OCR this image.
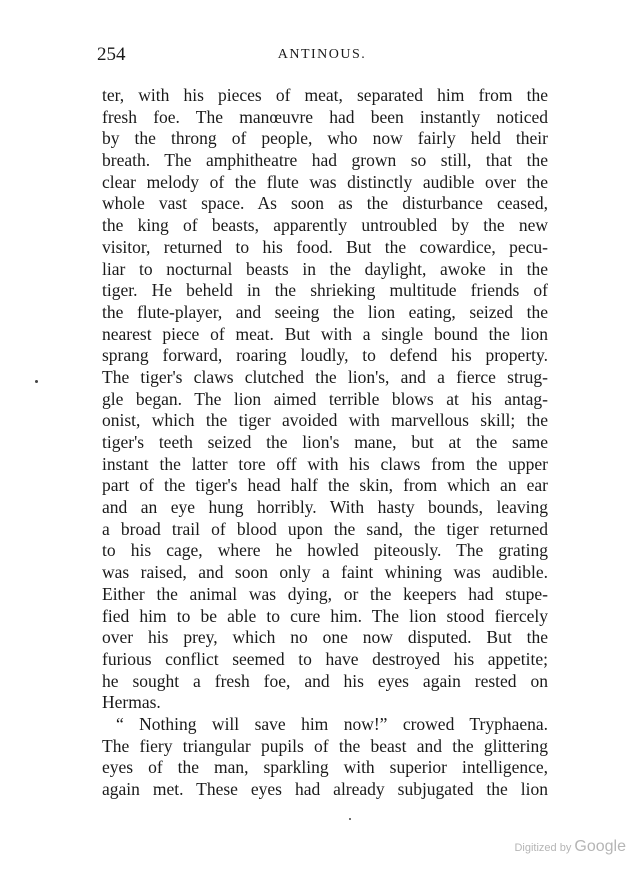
254	ANTINOUS.
ter, with his pieces of meat, separated him from the
fresh foe. The manœuvre had been instantly noticed
by the throng of people, who now fairly held their
breath. The amphitheatre had grown so still, that the
clear melody of the flute was distinctly audible over the
whole vast space. As soon as the disturbance ceased,
the king of beasts, apparently untroubled by the new
visitor, returned to his food. But the cowardice, pecu-
liar to nocturnal beasts in the daylight, awoke in the
tiger. He beheld in the shrieking multitude friends of
the flute-player, and seeing the lion eating, seized the
nearest piece of meat. But with a single bound the lion
sprang forward, roaring loudly, to defend his property.
The tiger's claws clutched the lion's, and a fierce strug-
gle began. The lion aimed terrible blows at his antag-
onist, which the tiger avoided with marvellous skill; the
tiger's teeth seized the lion's mane, but at the same
instant the latter tore off with his claws from the upper
part of the tiger's head half the skin, from which an ear
and an eye hung horribly. With hasty bounds, leaving
a broad trail of blood upon the sand, the tiger returned
to his cage, where he howled piteously. The grating
was raised, and soon only a faint whining was audible.
Either the animal was dying, or the keepers had stupe-
fied him to be able to cure him. The lion stood fiercely
over his prey, which no one now disputed. But the
furious conflict seemed to have destroyed his appetite;
he sought a fresh foe, and his eyes again rested on
Hermas.
“ Nothing will save him now!” crowed Tryphaena.
The fiery triangular pupils of the beast and the glittering
eyes of the man, sparkling with superior intelligence,
again met. These eyes had already subjugated the lion
Digitized by Google
